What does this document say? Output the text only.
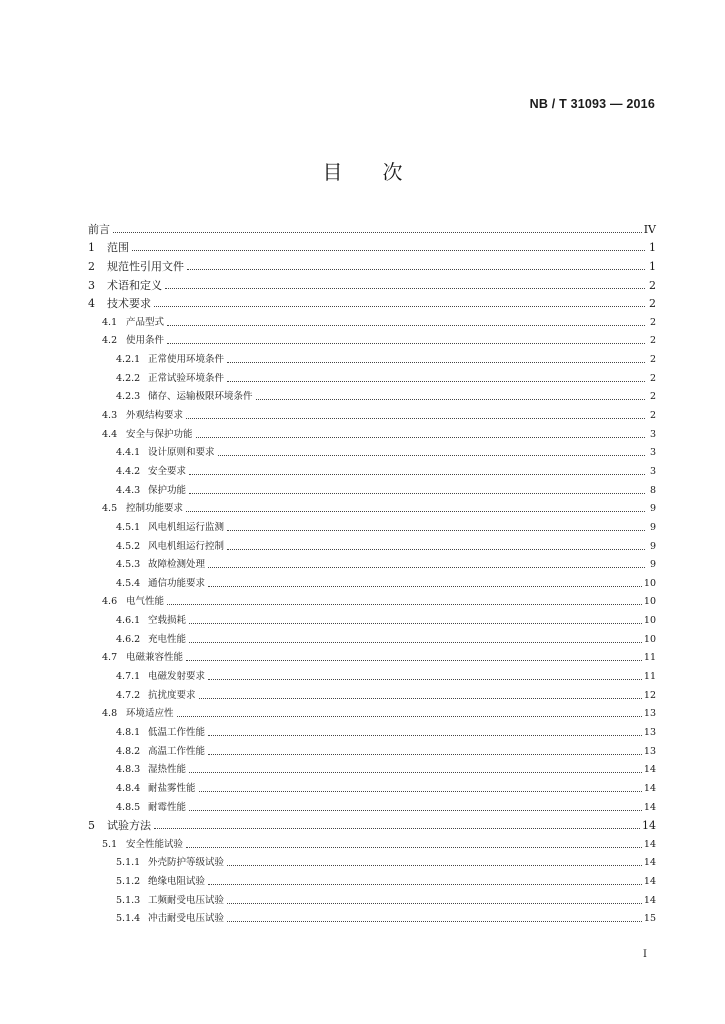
NB / T 31093 — 2016
目　　次
前言	IV
1	范围	1
2	规范性引用文件	1
3	术语和定义	2
4	技术要求	2
4.1 产品型式	2
4.2 使用条件	2
4.2.1 正常使用环境条件	2
4.2.2 正常试验环境条件	2
4.2.3 储存、运输极限环境条件	2
4.3 外观结构要求	2
4.4 安全与保护功能	3
4.4.1 设计原则和要求	3
4.4.2 安全要求	3
4.4.3 保护功能	8
4.5 控制功能要求	9
4.5.1 风电机组运行监测	9
4.5.2 风电机组运行控制	9
4.5.3 故障检测处理	9
4.5.4 通信功能要求	10
4.6 电气性能	10
4.6.1 空载损耗	10
4.6.2 充电性能	10
4.7 电磁兼容性能	11
4.7.1 电磁发射要求	11
4.7.2 抗扰度要求	12
4.8 环境适应性	13
4.8.1 低温工作性能	13
4.8.2 高温工作性能	13
4.8.3 湿热性能	14
4.8.4 耐盐雾性能	14
4.8.5 耐霉性能	14
5	试验方法	14
5.1 安全性能试验	14
5.1.1 外壳防护等级试验	14
5.1.2 绝缘电阻试验	14
5.1.3 工频耐受电压试验	14
5.1.4 冲击耐受电压试验	15
I
